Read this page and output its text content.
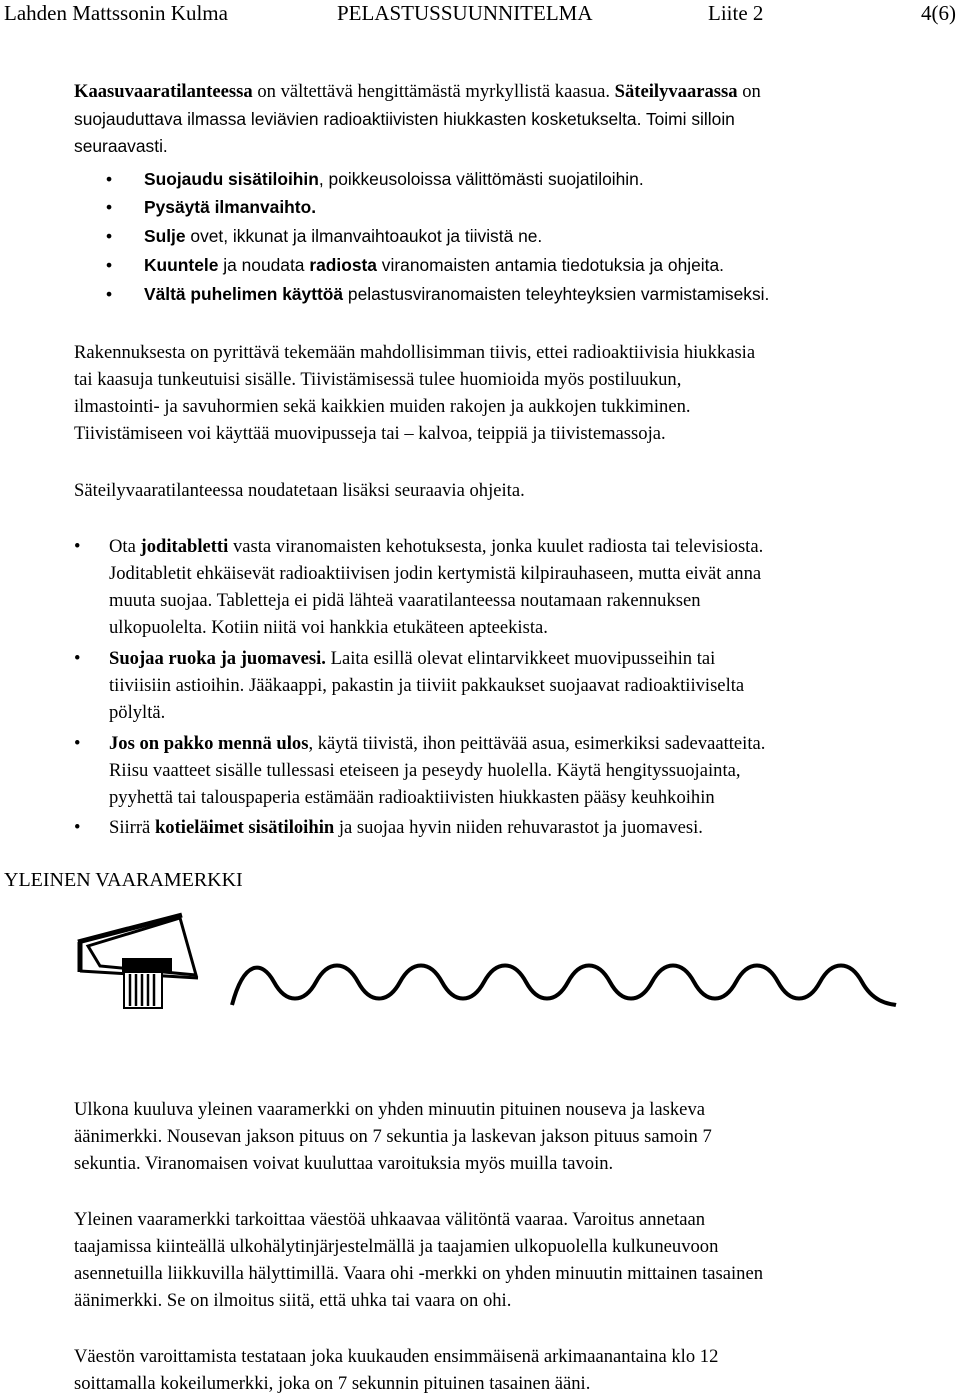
Lahden Mattssonin Kulma	PELASTUSSUUNNITELMA	Liite 2	4(6)
Kaasuvaaratilanteessa on vältettävä hengittämästä myrkyllistä kaasua. Säteilyvaarassa on
suojauduttava ilmassa leviävien radioaktiivisten hiukkasten kosketukselta. Toimi silloin
seuraavasti.
• Suojaudu sisätiloihin, poikkeusoloissa välittömästi suojatiloihin.
• Pysäytä ilmanvaihto.
• Sulje ovet, ikkunat ja ilmanvaihtoaukot ja tiivistä ne.
• Kuuntele ja noudata radiosta viranomaisten antamia tiedotuksia ja ohjeita.
• Vältä puhelimen käyttöä pelastusviranomaisten teleyhteyksien varmistamiseksi.
Rakennuksesta on pyrittävä tekemään mahdollisimman tiivis, ettei radioaktiivisia hiukkasia
tai kaasuja tunkeutuisi sisälle. Tiivistämisessä tulee huomioida myös postiluukun,
ilmastointi- ja savuhormien sekä kaikkien muiden rakojen ja aukkojen tukkiminen.
Tiivistämiseen voi käyttää muovipusseja tai – kalvoa, teippiä ja tiivistemassoja.
Säteilyvaaratilanteessa noudatetaan lisäksi seuraavia ohjeita.
• Ota joditabletti vasta viranomaisten kehotuksesta, jonka kuulet radiosta tai televisiosta.
Joditabletit ehkäisevät radioaktiivisen jodin kertymistä kilpirauhaseen, mutta eivät anna
muuta suojaa. Tabletteja ei pidä lähteä vaaratilanteessa noutamaan rakennuksen
ulkopuolelta. Kotiin niitä voi hankkia etukäteen apteekista.
• Suojaa ruoka ja juomavesi. Laita esillä olevat elintarvikkeet muovipusseihin tai
tiiviisiin astioihin. Jääkaappi, pakastin ja tiiviit pakkaukset suojaavat radioaktiiviselta
pölyltä.
• Jos on pakko mennä ulos, käytä tiivistä, ihon peittävää asua, esimerkiksi sadevaatteita.
Riisu vaatteet sisälle tullessasi eteiseen ja peseydy huolella. Käytä hengityssuojainta,
pyyhettä tai talouspaperia estämään radioaktiivisten hiukkasten pääsy keuhkoihin
• Siirrä kotieläimet sisätiloihin ja suojaa hyvin niiden rehuvarastot ja juomavesi.
YLEINEN VAARAMERKKI
Ulkona kuuluva yleinen vaaramerkki on yhden minuutin pituinen nouseva ja laskeva
äänimerkki. Nousevan jakson pituus on 7 sekuntia ja laskevan jakson pituus samoin 7
sekuntia. Viranomaisen voivat kuuluttaa varoituksia myös muilla tavoin.
Yleinen vaaramerkki tarkoittaa väestöä uhkaavaa välitöntä vaaraa. Varoitus annetaan
taajamissa kiinteällä ulkohälytinjärjestelmällä ja taajamien ulkopuolella kulkuneuvoon
asennetuilla liikkuvilla hälyttimillä. Vaara ohi -merkki on yhden minuutin mittainen tasainen
äänimerkki. Se on ilmoitus siitä, että uhka tai vaara on ohi.
Väestön varoittamista testataan joka kuukauden ensimmäisenä arkimaanantaina klo 12
soittamalla kokeilumerkki, joka on 7 sekunnin pituinen tasainen ääni.
